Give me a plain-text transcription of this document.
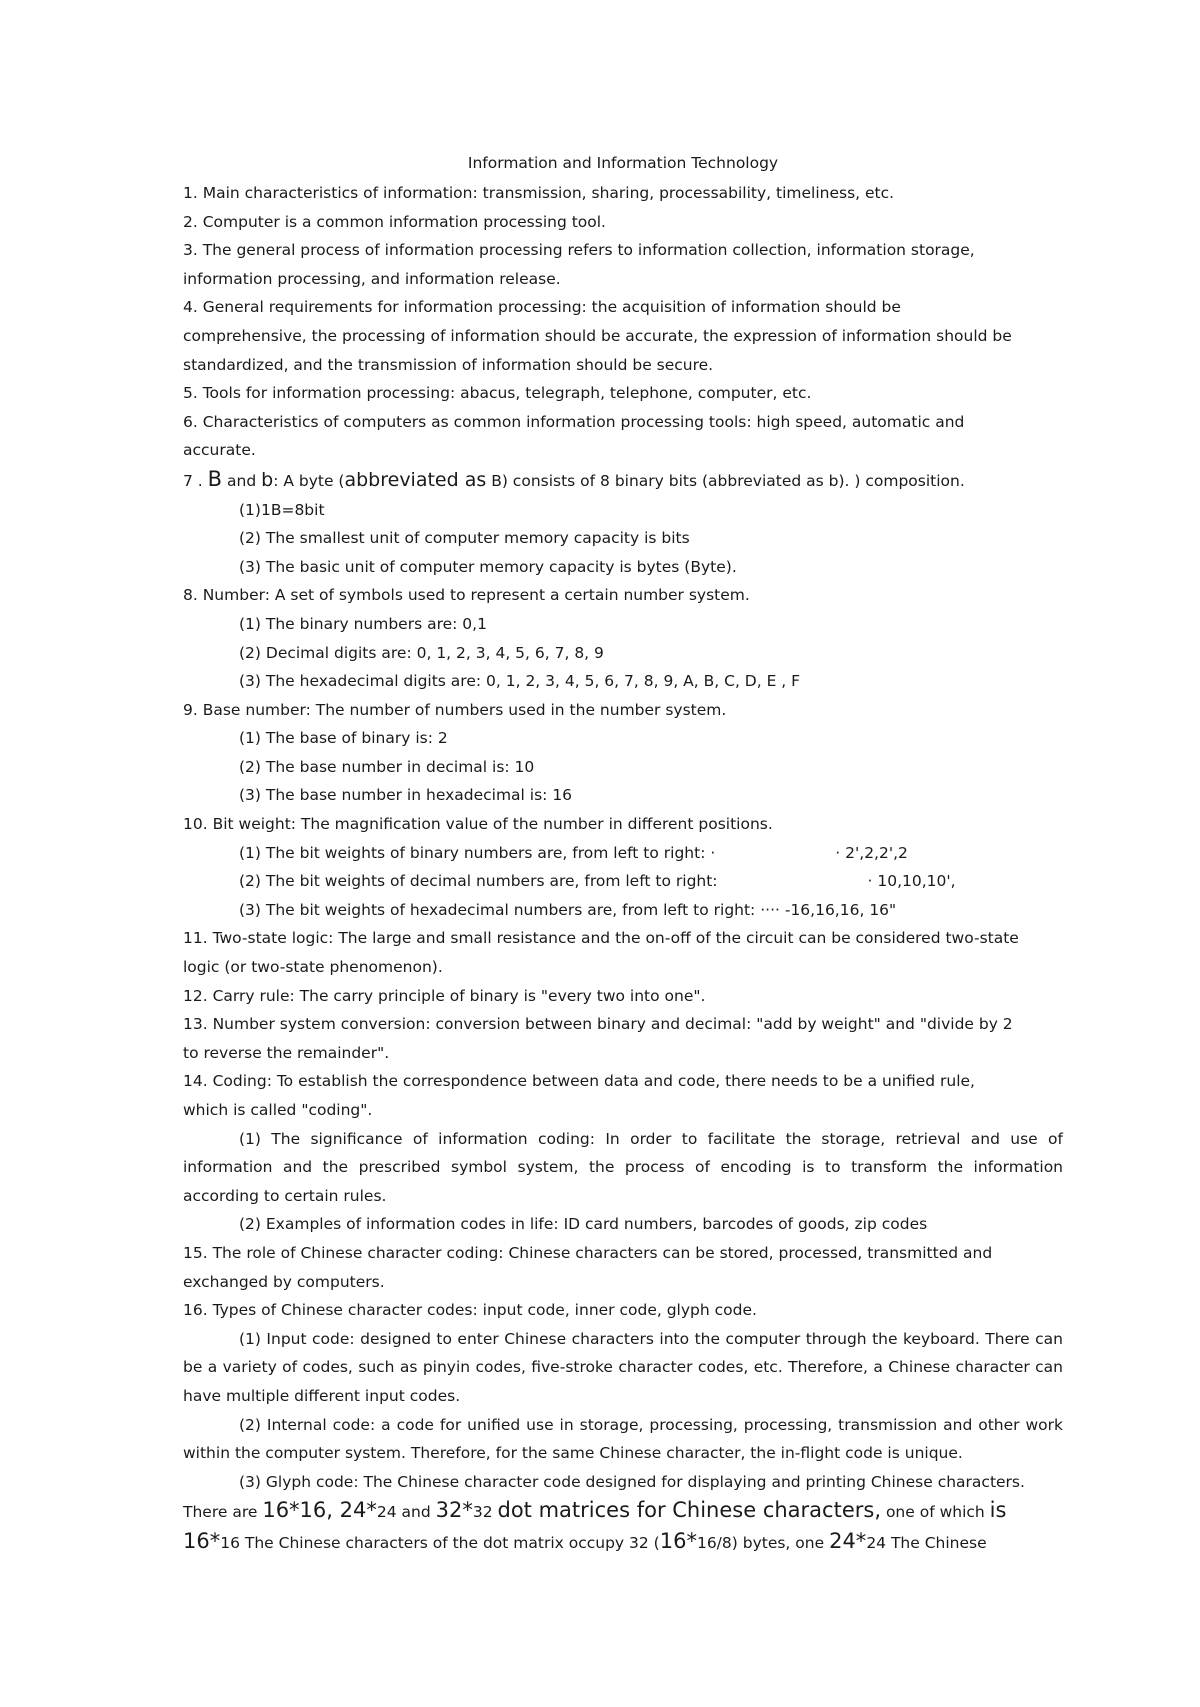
Information and Information Technology
1. Main characteristics of information: transmission, sharing, processability, timeliness, etc.
2. Computer is a common information processing tool.
3. The general process of information processing refers to information collection, information storage,
information processing, and information release.
4. General requirements for information processing: the acquisition of information should be
comprehensive, the processing of information should be accurate, the expression of information should be
standardized, and the transmission of information should be secure.
5. Tools for information processing: abacus, telegraph, telephone, computer, etc.
6. Characteristics of computers as common information processing tools: high speed, automatic and
accurate.
7 . B and b: A byte (abbreviated as B) consists of 8 binary bits (abbreviated as b). ) composition.
(1)1B=8bit
(2) The smallest unit of computer memory capacity is bits
(3) The basic unit of computer memory capacity is bytes (Byte).
8. Number: A set of symbols used to represent a certain number system.
(1) The binary numbers are: 0,1
(2) Decimal digits are: 0, 1, 2, 3, 4, 5, 6, 7, 8, 9
(3) The hexadecimal digits are: 0, 1, 2, 3, 4, 5, 6, 7, 8, 9, A, B, C, D, E , F
9. Base number: The number of numbers used in the number system.
(1) The base of binary is: 2
(2) The base number in decimal is: 10
(3) The base number in hexadecimal is: 16
10. Bit weight: The magnification value of the number in different positions.
(1) The bit weights of binary numbers are, from left to right: ·	· 2',2,2',2
(2) The bit weights of decimal numbers are, from left to right:	· 10,10,10',
(3) The bit weights of hexadecimal numbers are, from left to right: ···· -16,16,16, 16"
11. Two-state logic: The large and small resistance and the on-off of the circuit can be considered two-state
logic (or two-state phenomenon).
12. Carry rule: The carry principle of binary is "every two into one".
13. Number system conversion: conversion between binary and decimal: "add by weight" and "divide by 2
to reverse the remainder".
14. Coding: To establish the correspondence between data and code, there needs to be a unified rule,
which is called "coding".
(1) The significance of information coding: In order to facilitate the storage, retrieval and use of information and the prescribed symbol system, the process of encoding is to transform the information according to certain rules.
(2) Examples of information codes in life: ID card numbers, barcodes of goods, zip codes
15. The role of Chinese character coding: Chinese characters can be stored, processed, transmitted and
exchanged by computers.
16. Types of Chinese character codes: input code, inner code, glyph code.
(1) Input code: designed to enter Chinese characters into the computer through the keyboard. There can be a variety of codes, such as pinyin codes, five-stroke character codes, etc. Therefore, a Chinese character can have multiple different input codes.
(2) Internal code: a code for unified use in storage, processing, processing, transmission and other work within the computer system. Therefore, for the same Chinese character, the in-flight code is unique.
(3) Glyph code: The Chinese character code designed for displaying and printing Chinese characters.
There are 16*16, 24*24 and 32*32 dot matrices for Chinese characters, one of which is
16*16 The Chinese characters of the dot matrix occupy 32 (16*16/8) bytes, one 24*24 The Chinese
